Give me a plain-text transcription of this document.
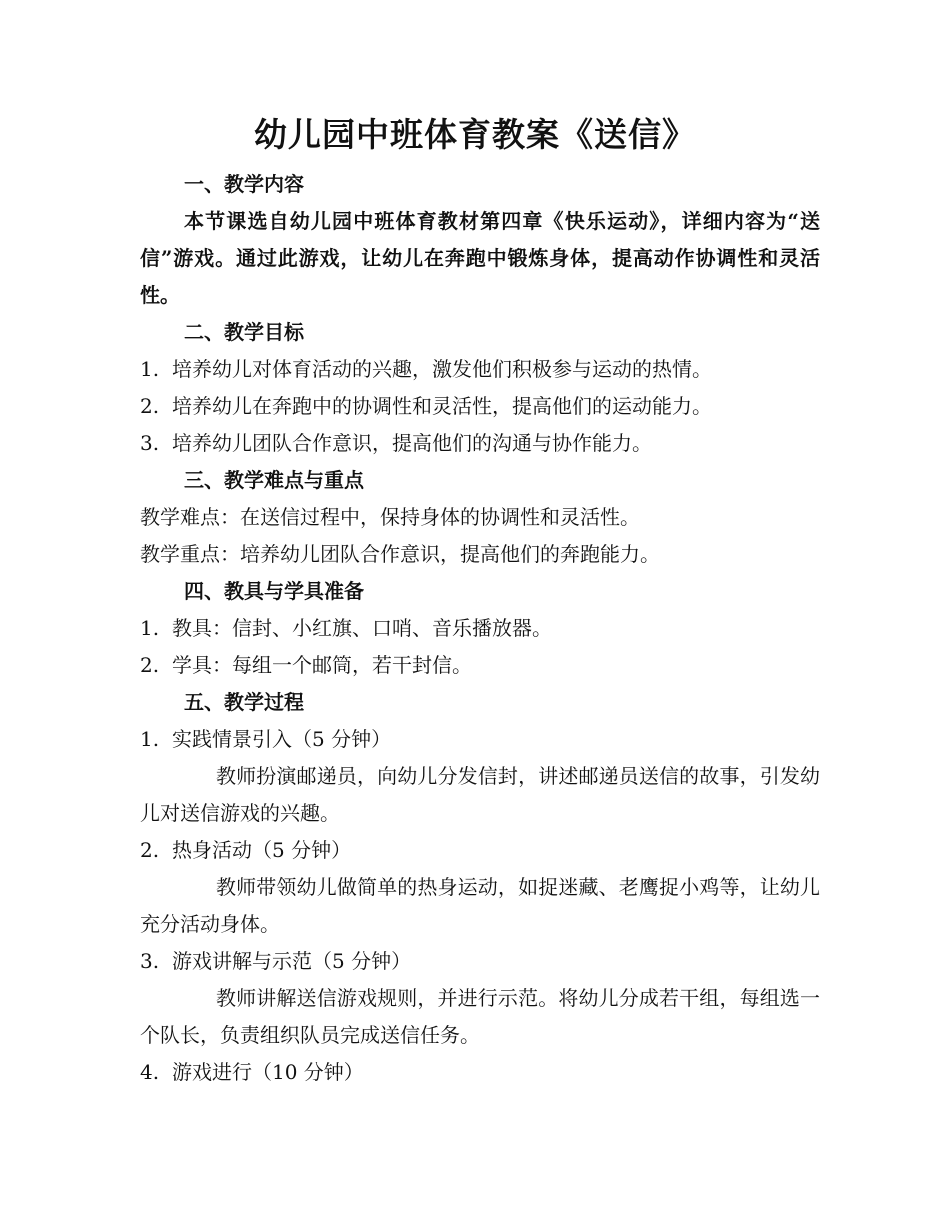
幼儿园中班体育教案《送信》

一、教学内容

本节课选自幼儿园中班体育教材第四章《快乐运动》，详细内容为“送信”游戏。通过此游戏，让幼儿在奔跑中锻炼身体，提高动作协调性和灵活性。

二、教学目标

1. 培养幼儿对体育活动的兴趣，激发他们积极参与运动的热情。

2. 培养幼儿在奔跑中的协调性和灵活性，提高他们的运动能力。

3. 培养幼儿团队合作意识，提高他们的沟通与协作能力。

三、教学难点与重点

教学难点：在送信过程中，保持身体的协调性和灵活性。

教学重点：培养幼儿团队合作意识，提高他们的奔跑能力。

四、教具与学具准备

1. 教具：信封、小红旗、口哨、音乐播放器。

2. 学具：每组一个邮筒，若干封信。

五、教学过程

1. 实践情景引入（5 分钟）

教师扮演邮递员，向幼儿分发信封，讲述邮递员送信的故事，引发幼儿对送信游戏的兴趣。

2. 热身活动（5 分钟）

教师带领幼儿做简单的热身运动，如捉迷藏、老鹰捉小鸡等，让幼儿充分活动身体。

3. 游戏讲解与示范（5 分钟）

教师讲解送信游戏规则，并进行示范。将幼儿分成若干组，每组选一个队长，负责组织队员完成送信任务。

4. 游戏进行（10 分钟）
